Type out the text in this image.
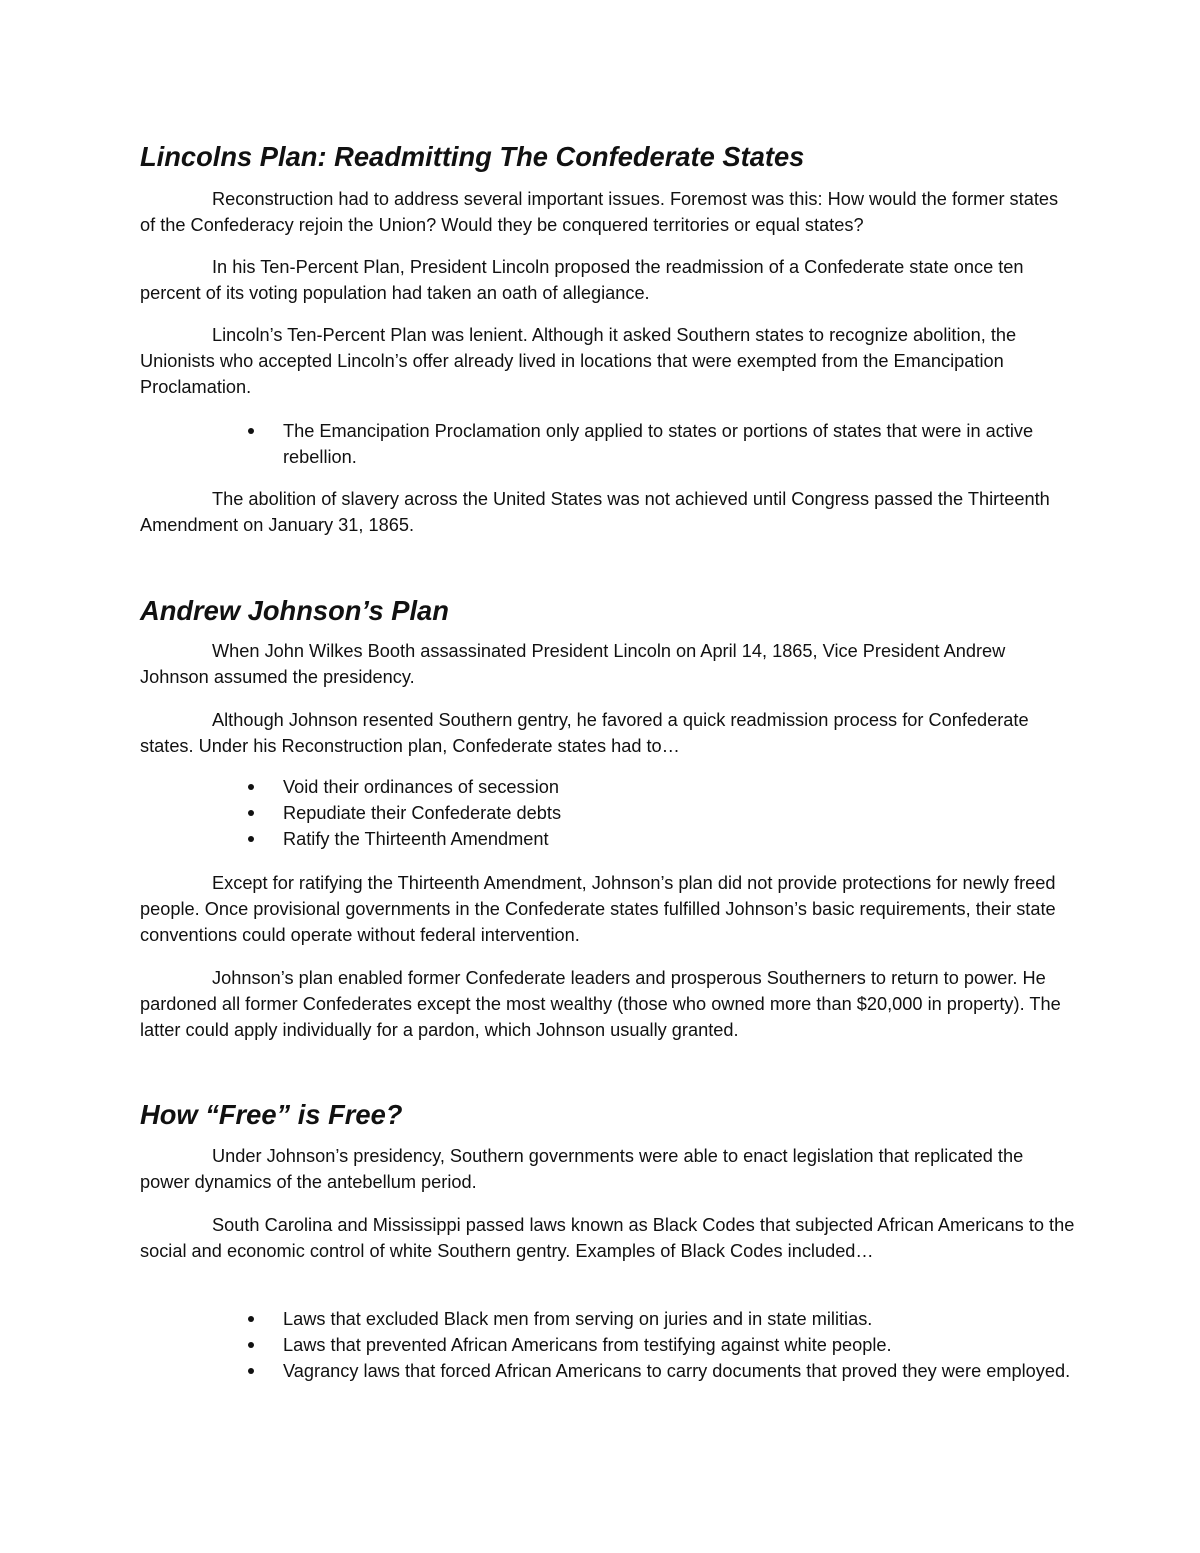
Lincolns Plan: Readmitting The Confederate States

Reconstruction had to address several important issues. Foremost was this: How would the former states of the Confederacy rejoin the Union? Would they be conquered territories or equal states?

In his Ten-Percent Plan, President Lincoln proposed the readmission of a Confederate state once ten percent of its voting population had taken an oath of allegiance.

Lincoln’s Ten-Percent Plan was lenient. Although it asked Southern states to recognize abolition, the Unionists who accepted Lincoln’s offer already lived in locations that were exempted from the Emancipation Proclamation.

The Emancipation Proclamation only applied to states or portions of states that were in active rebellion.

The abolition of slavery across the United States was not achieved until Congress passed the Thirteenth Amendment on January 31, 1865.

Andrew Johnson’s Plan

When John Wilkes Booth assassinated President Lincoln on April 14, 1865, Vice President Andrew Johnson assumed the presidency.

Although Johnson resented Southern gentry, he favored a quick readmission process for Confederate states. Under his Reconstruction plan, Confederate states had to…

Void their ordinances of secession
Repudiate their Confederate debts
Ratify the Thirteenth Amendment

Except for ratifying the Thirteenth Amendment, Johnson’s plan did not provide protections for newly freed people. Once provisional governments in the Confederate states fulfilled Johnson’s basic requirements, their state conventions could operate without federal intervention.

Johnson’s plan enabled former Confederate leaders and prosperous Southerners to return to power. He pardoned all former Confederates except the most wealthy (those who owned more than $20,000 in property). The latter could apply individually for a pardon, which Johnson usually granted.

How “Free” is Free?

Under Johnson’s presidency, Southern governments were able to enact legislation that replicated the power dynamics of the antebellum period.

South Carolina and Mississippi passed laws known as Black Codes that subjected African Americans to the social and economic control of white Southern gentry. Examples of Black Codes included…

Laws that excluded Black men from serving on juries and in state militias.
Laws that prevented African Americans from testifying against white people.
Vagrancy laws that forced African Americans to carry documents that proved they were employed.
